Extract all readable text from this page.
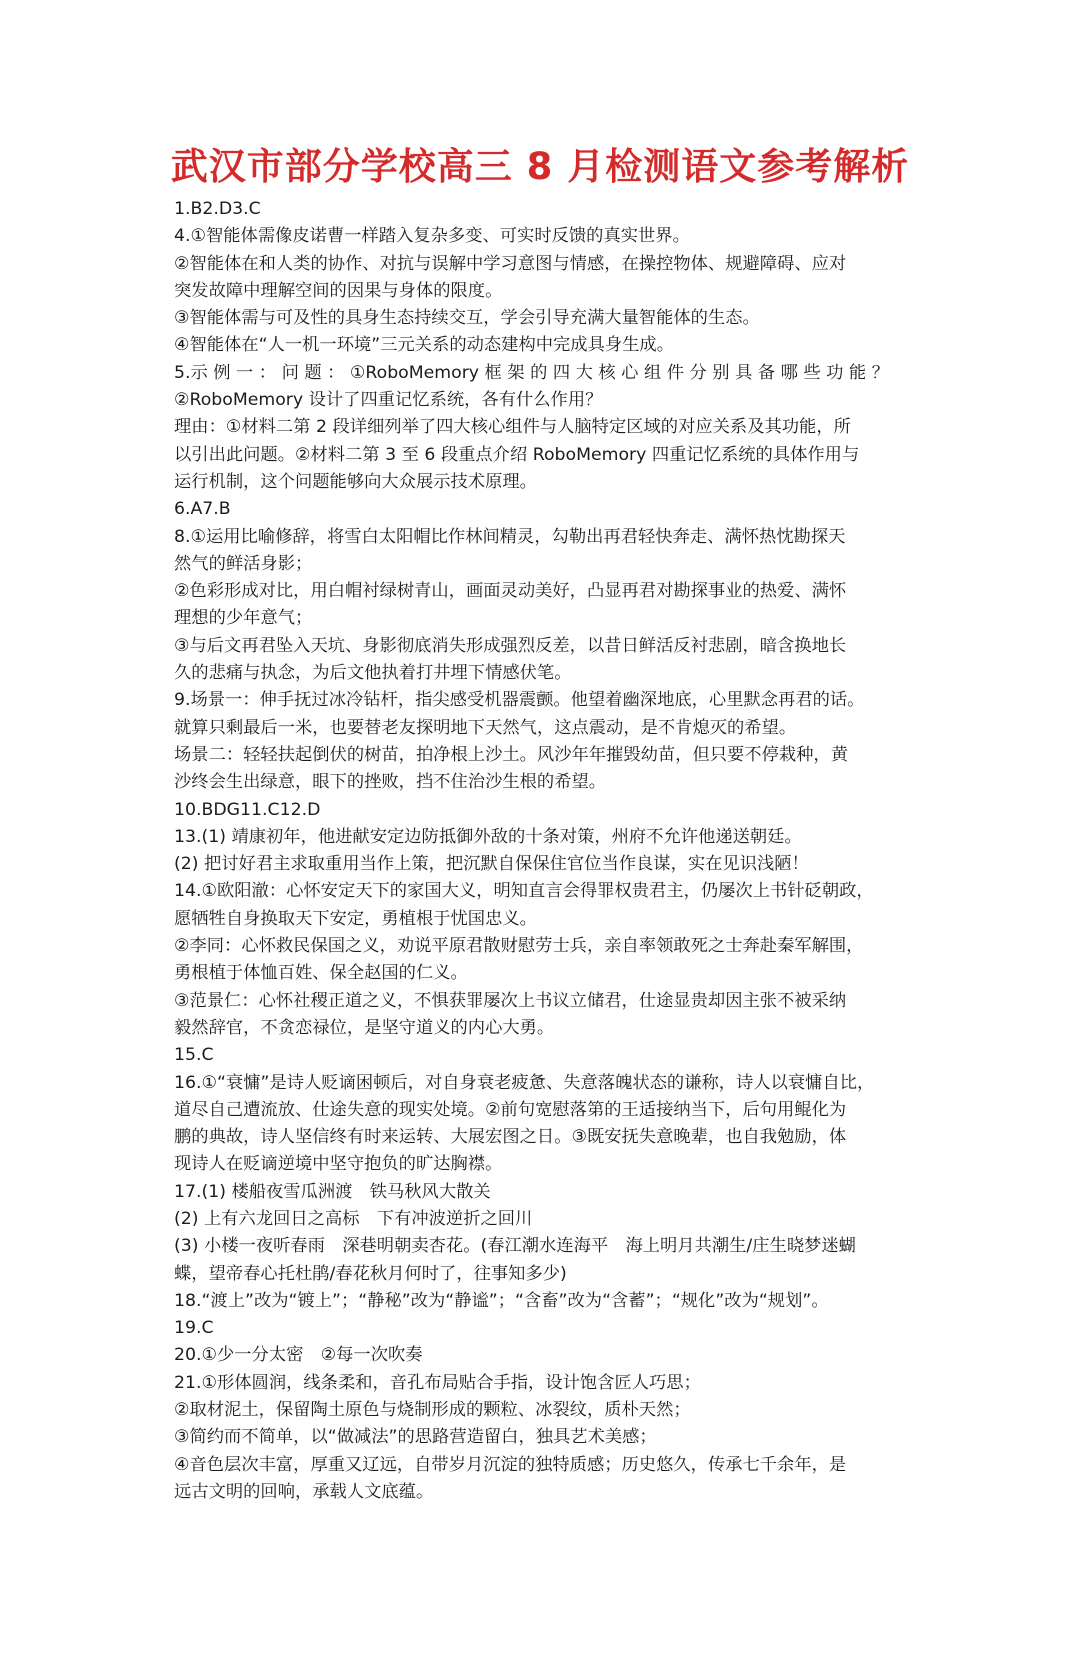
武汉市部分学校高三 8 月检测语文参考解析
1.B2.D3.C
4.①智能体需像皮诺曹一样踏入复杂多变、可实时反馈的真实世界。
②智能体在和人类的协作、对抗与误解中学习意图与情感，在操控物体、规避障碍、应对
突发故障中理解空间的因果与身体的限度。
③智能体需与可及性的具身生态持续交互，学会引导充满大量智能体的生态。
④智能体在“人一机一环境”三元关系的动态建构中完成具身生成。
5.示 例 一 ： 问 题 ： ①RoboMemory 框 架 的 四 大 核 心 组 件 分 别 具 备 哪 些 功 能 ？
②RoboMemory 设计了四重记忆系统，各有什么作用？
理由：①材料二第 2 段详细列举了四大核心组件与人脑特定区域的对应关系及其功能，所
以引出此问题。②材料二第 3 至 6 段重点介绍 RoboMemory 四重记忆系统的具体作用与
运行机制，这个问题能够向大众展示技术原理。
6.A7.B
8.①运用比喻修辞，将雪白太阳帽比作林间精灵，勾勒出再君轻快奔走、满怀热忱勘探天
然气的鲜活身影；
②色彩形成对比，用白帽衬绿树青山，画面灵动美好，凸显再君对勘探事业的热爱、满怀
理想的少年意气；
③与后文再君坠入天坑、身影彻底消失形成强烈反差，以昔日鲜活反衬悲剧，暗含换地长
久的悲痛与执念，为后文他执着打井埋下情感伏笔。
9.场景一：伸手抚过冰冷钻杆，指尖感受机器震颤。他望着幽深地底，心里默念再君的话。
就算只剩最后一米，也要替老友探明地下天然气，这点震动，是不肯熄灭的希望。
场景二：轻轻扶起倒伏的树苗，拍净根上沙土。风沙年年摧毁幼苗，但只要不停栽种，黄
沙终会生出绿意，眼下的挫败，挡不住治沙生根的希望。
10.BDG11.C12.D
13.(1) 靖康初年，他进献安定边防抵御外敌的十条对策，州府不允许他递送朝廷。
(2) 把讨好君主求取重用当作上策，把沉默自保保住官位当作良谋，实在见识浅陋！
14.①欧阳澈：心怀安定天下的家国大义，明知直言会得罪权贵君主，仍屡次上书针砭朝政，
愿牺牲自身换取天下安定，勇植根于忧国忠义。
②李同：心怀救民保国之义，劝说平原君散财慰劳士兵，亲自率领敢死之士奔赴秦军解围，
勇根植于体恤百姓、保全赵国的仁义。
③范景仁：心怀社稷正道之义，不惧获罪屡次上书议立储君，仕途显贵却因主张不被采纳
毅然辞官，不贪恋禄位，是坚守道义的内心大勇。
15.C
16.①“衰慵”是诗人贬谪困顿后，对自身衰老疲惫、失意落魄状态的谦称，诗人以衰慵自比，
道尽自己遭流放、仕途失意的现实处境。②前句宽慰落第的王适接纳当下，后句用鲲化为
鹏的典故，诗人坚信终有时来运转、大展宏图之日。③既安抚失意晚辈，也自我勉励，体
现诗人在贬谪逆境中坚守抱负的旷达胸襟。
17.(1) 楼船夜雪瓜洲渡　铁马秋风大散关
(2) 上有六龙回日之高标　下有冲波逆折之回川
(3) 小楼一夜听春雨　深巷明朝卖杏花。(春江潮水连海平　海上明月共潮生/庄生晓梦迷蝴
蝶，望帝春心托杜鹃/春花秋月何时了，往事知多少)
18.“渡上”改为“镀上”；“静秘”改为“静谧”；“含畜”改为“含蓄”；“规化”改为“规划”。
19.C
20.①少一分太密　②每一次吹奏
21.①形体圆润，线条柔和，音孔布局贴合手指，设计饱含匠人巧思；
②取材泥土，保留陶土原色与烧制形成的颗粒、冰裂纹，质朴天然；
③简约而不简单，以“做减法”的思路营造留白，独具艺术美感；
④音色层次丰富，厚重又辽远，自带岁月沉淀的独特质感；历史悠久，传承七千余年，是
远古文明的回响，承载人文底蕴。
